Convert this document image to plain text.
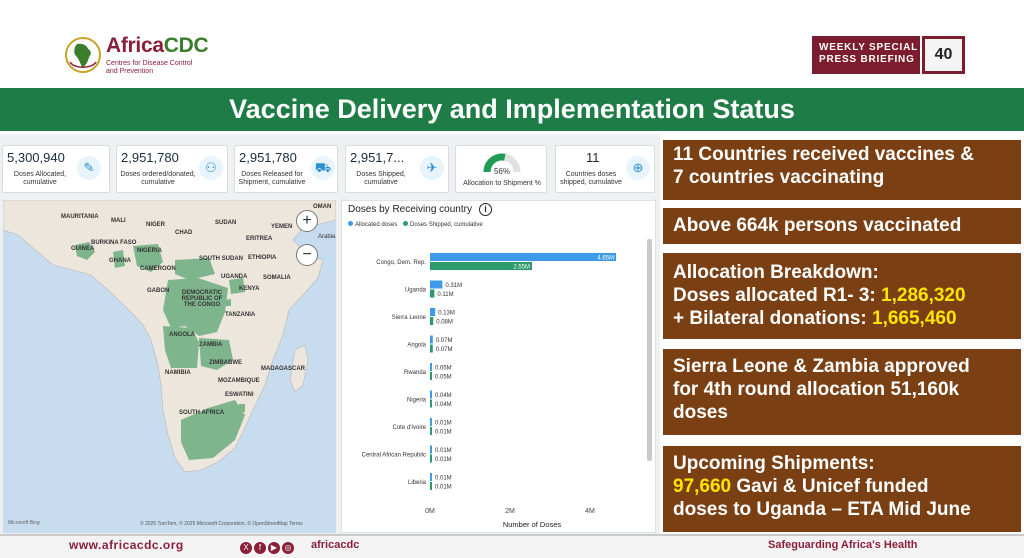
AfricaCDC
Centres for Disease Control
and Prevention
WEEKLY SPECIAL
PRESS BRIEFING	40
Vaccine Delivery and Implementation Status
5,300,940
Doses Allocated,
cumulative
✎
2,951,780
Doses ordered/donated,
cumulative
⚇
2,951,780
Doses Released for
Shipment, cumulative
⛟
2,951,7...
Doses Shipped,
cumulative
✈	56%
Allocation to Shipment %
11
Countries doses
shipped, cumulative
⊕
MAURITANIA
MALI
NIGER	SUDAN
YEMEN
OMAN
CHAD
ERITREA
BURKINA FASO
GUINEA	NIGERIA
GHANA
CAMEROON
SOUTH SUDAN ETHIOPIA
SOMALIA
GABON
UGANDA
KENYA
DEMOCRATIC REPUBLIC OF THE CONGO
TANZANIA
ANGOLA
ZAMBIA
ZIMBABWE
NAMIBIA
MOZAMBIQUE
MADAGASCAR
ESWATINI
SOUTH AFRICA
Arabia
+
−
Microsoft Bing	© 2025 TomTom, © 2025 Microsoft Corporation, © OpenStreetMap Terms
Congo, Dem. Rep.
4.65M
2.55M
Uganda
0.31M
0.11M
Sierra Leone
0.13M
0.08M
Angola
0.07M
0.07M
Rwanda
0.05M
0.05M
Nigeria
0.04M
0.04M
Cote d'Ivoire
0.01M
0.01M
Central African Republic
0.01M
0.01M
Liberia
0.01M
0.01M
0M	2M	4M
Number of Doses
Doses by Receiving country	i
Allocated doses Doses Shipped, cumulative
11 Countries received vaccines &
7 countries vaccinating
Above 664k persons vaccinated
Allocation Breakdown:
Doses allocated R1- 3: 1,286,320
+ Bilateral donations: 1,665,460
Sierra Leone & Zambia approved
for 4th round allocation 51,160k
doses
Upcoming Shipments:
97,660 Gavi & Unicef funded
doses to Uganda – ETA Mid June
www.africacdc.org	X f ▶ ◎	africacdc	Safeguarding Africa's Health
